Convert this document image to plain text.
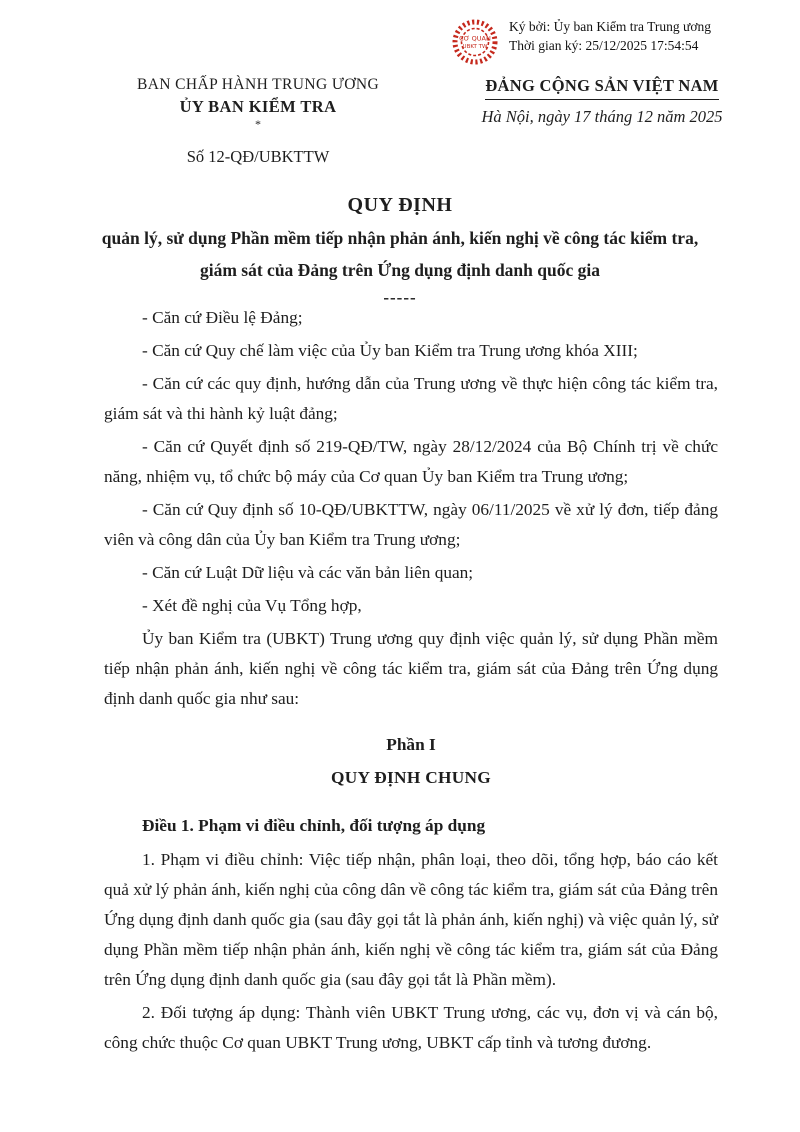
CƠ QUAN
UBKT TW
Ký bởi: Ủy ban Kiểm tra Trung ương
Thời gian ký: 25/12/2025 17:54:54
BAN CHẤP HÀNH TRUNG ƯƠNG
ỦY BAN KIỂM TRA
*
Số 12-QĐ/UBKTTW
ĐẢNG CỘNG SẢN VIỆT NAM
Hà Nội, ngày 17 tháng 12 năm 2025
QUY ĐỊNH
quản lý, sử dụng Phần mềm tiếp nhận phản ánh, kiến nghị về công tác kiểm tra, giám sát của Đảng trên Ứng dụng định danh quốc gia
-----

- Căn cứ Điều lệ Đảng;

- Căn cứ Quy chế làm việc của Ủy ban Kiểm tra Trung ương khóa XIII;

- Căn cứ các quy định, hướng dẫn của Trung ương về thực hiện công tác kiểm tra, giám sát và thi hành kỷ luật đảng;

- Căn cứ Quyết định số 219-QĐ/TW, ngày 28/12/2024 của Bộ Chính trị về chức năng, nhiệm vụ, tổ chức bộ máy của Cơ quan Ủy ban Kiểm tra Trung ương;

- Căn cứ Quy định số 10-QĐ/UBKTTW, ngày 06/11/2025 về xử lý đơn, tiếp đảng viên và công dân của Ủy ban Kiểm tra Trung ương;

- Căn cứ Luật Dữ liệu và các văn bản liên quan;

- Xét đề nghị của Vụ Tổng hợp,

Ủy ban Kiểm tra (UBKT) Trung ương quy định việc quản lý, sử dụng Phần mềm tiếp nhận phản ánh, kiến nghị về công tác kiểm tra, giám sát của Đảng trên Ứng dụng định danh quốc gia như sau:

Phần I

QUY ĐỊNH CHUNG

Điều 1. Phạm vi điều chỉnh, đối tượng áp dụng

1. Phạm vi điều chỉnh: Việc tiếp nhận, phân loại, theo dõi, tổng hợp, báo cáo kết quả xử lý phản ánh, kiến nghị của công dân về công tác kiểm tra, giám sát của Đảng trên Ứng dụng định danh quốc gia (sau đây gọi tắt là phản ánh, kiến nghị) và việc quản lý, sử dụng Phần mềm tiếp nhận phản ánh, kiến nghị về công tác kiểm tra, giám sát của Đảng trên Ứng dụng định danh quốc gia (sau đây gọi tắt là Phần mềm).

2. Đối tượng áp dụng: Thành viên UBKT Trung ương, các vụ, đơn vị và cán bộ, công chức thuộc Cơ quan UBKT Trung ương, UBKT cấp tỉnh và tương đương.
